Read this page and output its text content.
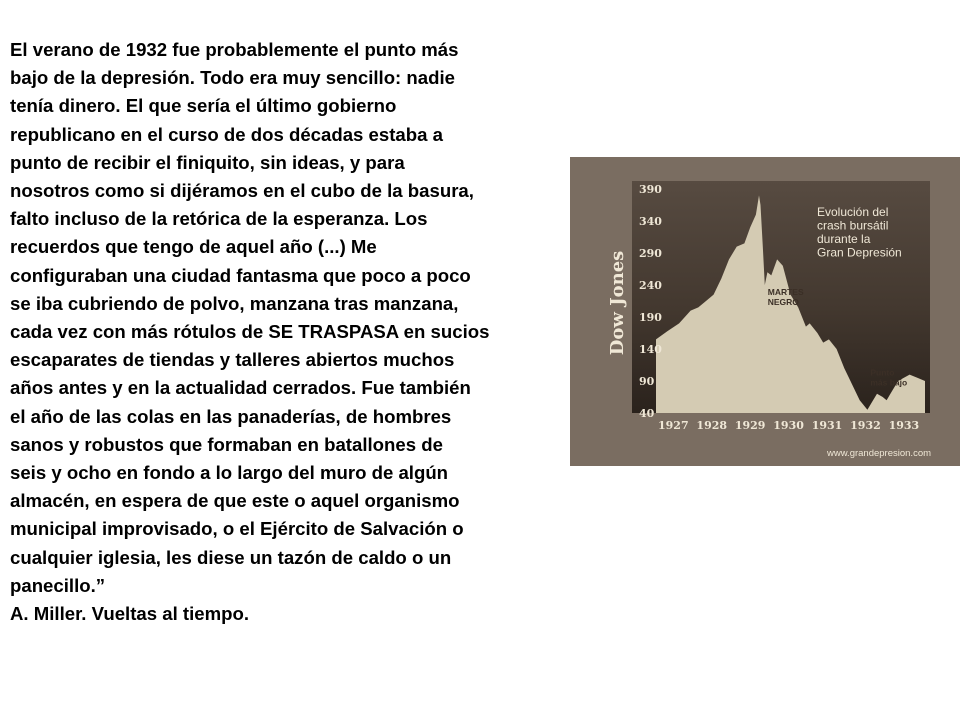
El verano de 1932 fue probablemente el punto más
bajo de la depresión. Todo era muy sencillo: nadie
tenía dinero. El que sería el último gobierno
republicano en el curso de dos décadas estaba a
punto de recibir el finiquito, sin ideas, y para
nosotros como si dijéramos en el cubo de la basura,
falto incluso de la retórica de la esperanza. Los
recuerdos que tengo de aquel año (...) Me
configuraban una ciudad fantasma que poco a poco
se iba cubriendo de polvo, manzana tras manzana,
cada vez con más rótulos de SE TRASPASA en sucios
escaparates de tiendas y talleres abiertos muchos
años antes y en la actualidad cerrados. Fue también
el año de las colas en las panaderías, de hombres
sanos y robustos que formaban en batallones de
seis y ocho en fondo a lo largo del muro de algún
almacén, en espera de que este o aquel organismo
municipal improvisado, o el Ejército de Salvación o
cualquier iglesia, les diese un tazón de caldo o un
panecillo.”
A. Miller. Vueltas al tiempo.
40
90
140
190
240
290
340
390
1927 1928 1929 1930 1931 1932 1933
Dow Jones
Evolución del
crash bursátil
durante la
Gran Depresión
MARTES
NEGRO
Punto
más bajo
www.grandepresion.com
